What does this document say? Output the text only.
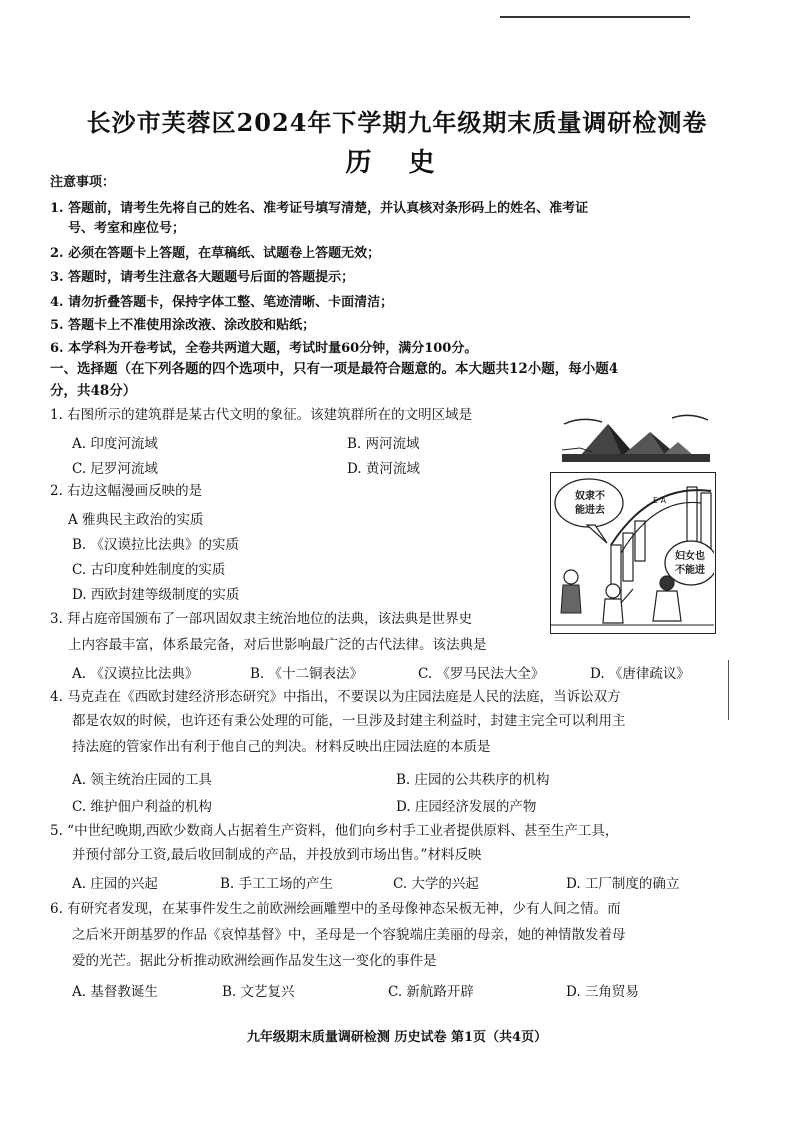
长沙市芙蓉区2024年下学期九年级期末质量调研检测卷
历 史

注意事项：

1. 答题前，请考生先将自己的姓名、准考证号填写清楚，并认真核对条形码上的姓名、准考证

号、考室和座位号；

2. 必须在答题卡上答题，在草稿纸、试题卷上答题无效；

3. 答题时，请考生注意各大题题号后面的答题提示；

4. 请勿折叠答题卡，保持字体工整、笔迹清晰、卡面清洁；

5. 答题卡上不准使用涂改液、涂改胶和贴纸；

6. 本学科为开卷考试，全卷共两道大题，考试时量60分钟，满分100分。

一、选择题（在下列各题的四个选项中，只有一项是最符合题意的。本大题共12小题，每小题4

分，共48分）

1. 右图所示的建筑群是某古代文明的象征。该建筑群所在的文明区域是

A. 印度河流域	B. 两河流域
C. 尼罗河流域	D. 黄河流域

2. 右边这幅漫画反映的是

A 雅典民主政治的实质
B. 《汉谟拉比法典》的实质
C. 古印度种姓制度的实质
D. 西欧封建等级制度的实质
E A
奴隶不
能进去
妇女也
不能进

3. 拜占庭帝国颁布了一部巩固奴隶主统治地位的法典，该法典是世界史

上内容最丰富，体系最完备，对后世影响最广泛的古代法律。该法典是

A. 《汉谟拉比法典》	B. 《十二铜表法》	C. 《罗马民法大全》	D. 《唐律疏议》

4. 马克垚在《西欧封建经济形态研究》中指出，不要误以为庄园法庭是人民的法庭，当诉讼双方

都是农奴的时候，也许还有秉公处理的可能，一旦涉及封建主利益时，封建主完全可以利用主

持法庭的管家作出有利于他自己的判决。材料反映出庄园法庭的本质是

A. 领主统治庄园的工具	B. 庄园的公共秩序的机构
C. 维护佃户利益的机构	D. 庄园经济发展的产物

5. “中世纪晚期,西欧少数商人占据着生产资料，他们向乡村手工业者提供原料、甚至生产工具，

并预付部分工资,最后收回制成的产品，并投放到市场出售。”材料反映

A. 庄园的兴起	B. 手工工场的产生	C. 大学的兴起	D. 工厂制度的确立

6. 有研究者发现，在某事件发生之前欧洲绘画雕塑中的圣母像神态呆板无神，少有人间之情。而

之后米开朗基罗的作品《哀悼基督》中，圣母是一个容貌端庄美丽的母亲，她的神情散发着母

爱的光芒。据此分析推动欧洲绘画作品发生这一变化的事件是

A. 基督教诞生	B. 文艺复兴	C. 新航路开辟	D. 三角贸易
九年级期末质量调研检测 历史试卷 第1页（共4页）
